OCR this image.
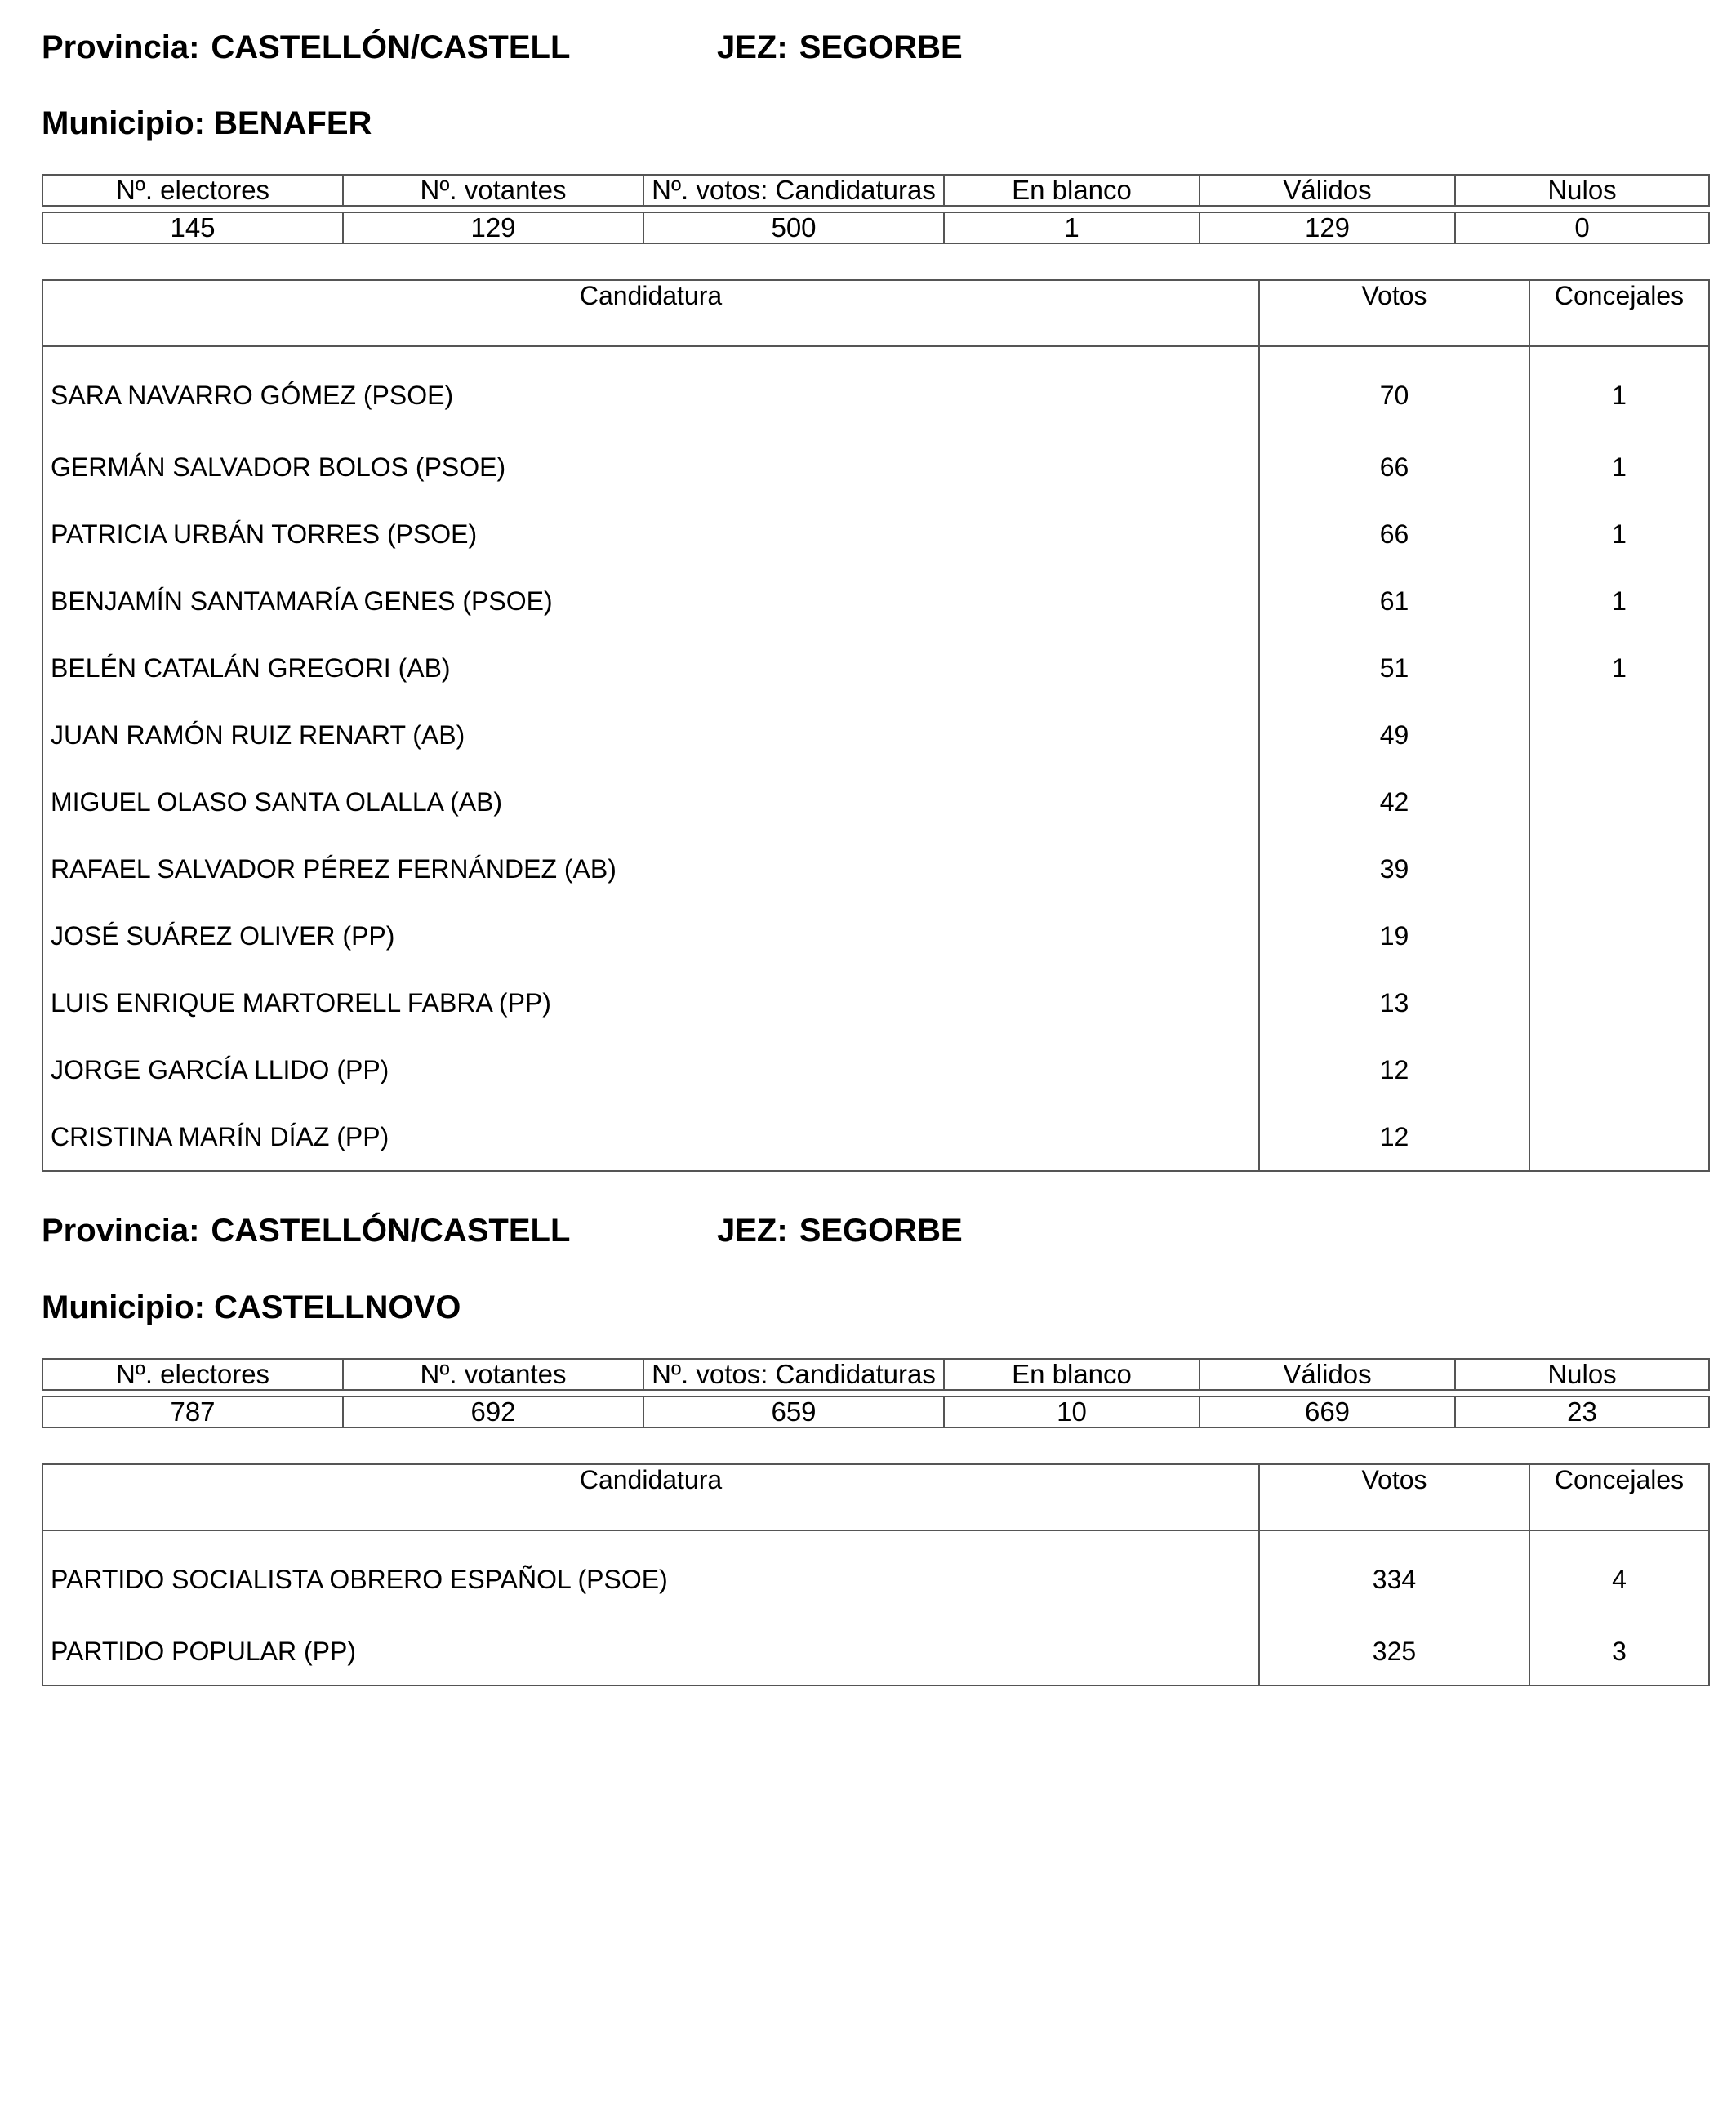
Provincia: CASTELLÓN/CASTELL	JEZ: SEGORBE
Municipio: BENAFER
Nº. electores	Nº. votantes	Nº. votos: Candidaturas	En blanco	Válidos	Nulos

145	129	500	1	129	0
Candidatura	Votos	Concejales
SARA NAVARRO GÓMEZ (PSOE)	70	1
GERMÁN SALVADOR BOLOS (PSOE)	66	1
PATRICIA URBÁN TORRES (PSOE)	66	1
BENJAMÍN SANTAMARÍA GENES (PSOE)	61	1
BELÉN CATALÁN GREGORI (AB)	51	1
JUAN RAMÓN RUIZ RENART (AB)	49	
MIGUEL OLASO SANTA OLALLA (AB)	42	
RAFAEL SALVADOR PÉREZ FERNÁNDEZ (AB)	39	
JOSÉ SUÁREZ OLIVER (PP)	19	
LUIS ENRIQUE MARTORELL FABRA (PP)	13	
JORGE GARCÍA LLIDO (PP)	12	
CRISTINA MARÍN DÍAZ (PP)	12	
Provincia: CASTELLÓN/CASTELL	JEZ: SEGORBE
Municipio: CASTELLNOVO
Nº. electores	Nº. votantes	Nº. votos: Candidaturas	En blanco	Válidos	Nulos

787	692	659	10	669	23
Candidatura	Votos	Concejales
PARTIDO SOCIALISTA OBRERO ESPAÑOL (PSOE)	334	4
PARTIDO POPULAR (PP)	325	3
